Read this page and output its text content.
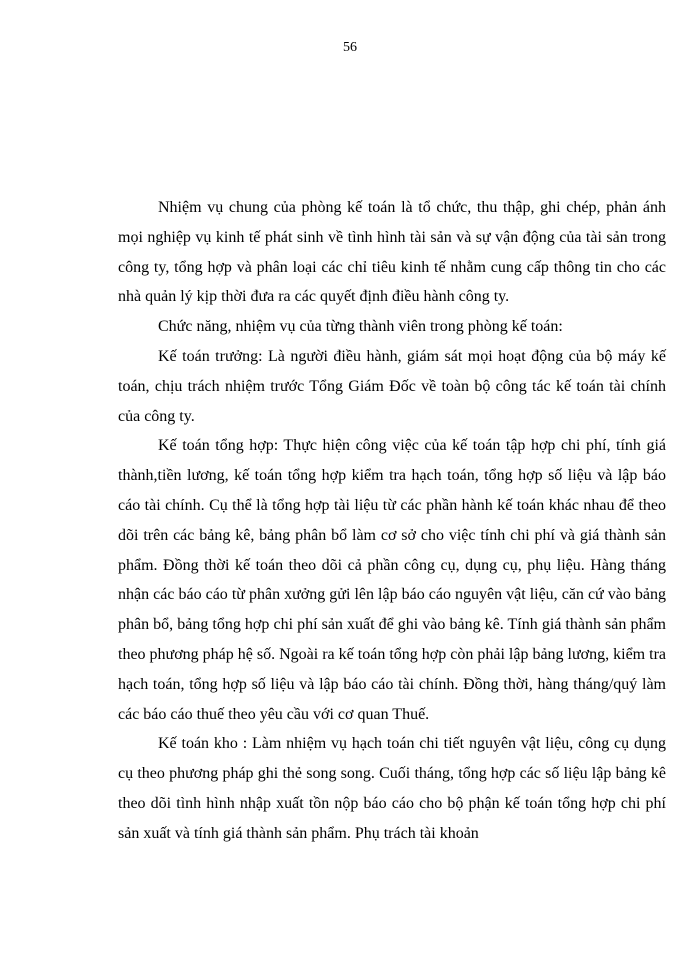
56

Nhiệm vụ chung của phòng kế toán là tổ chức, thu thập, ghi chép, phản ánh mọi nghiệp vụ kinh tế phát sinh về tình hình tài sản và sự vận động của tài sản trong công ty, tổng hợp và phân loại các chỉ tiêu kinh tế nhằm cung cấp thông tin cho các nhà quản lý kịp thời đưa ra các quyết định điều hành công ty.

Chức năng, nhiệm vụ của từng thành viên trong phòng kế toán:

Kế toán trưởng: Là người điều hành, giám sát mọi hoạt động của bộ máy kế toán, chịu trách nhiệm trước Tổng Giám Đốc về toàn bộ công tác kế toán tài chính của công ty.

Kế toán tổng hợp: Thực hiện công việc của kế toán tập hợp chi phí, tính giá thành,tiền lương, kế toán tổng hợp kiểm tra hạch toán, tổng hợp số liệu và lập báo cáo tài chính. Cụ thể là tổng hợp tài liệu từ các phần hành kế toán khác nhau để theo dõi trên các bảng kê, bảng phân bổ làm cơ sở cho việc tính chi phí và giá thành sản phẩm. Đồng thời kế toán theo dõi cả phần công cụ, dụng cụ, phụ liệu. Hàng tháng nhận các báo cáo từ phân xưởng gửi lên lập báo cáo nguyên vật liệu, căn cứ vào bảng phân bổ, bảng tổng hợp chi phí sản xuất để ghi vào bảng kê. Tính giá thành sản phẩm theo phương pháp hệ số. Ngoài ra kế toán tổng hợp còn phải lập bảng lương, kiểm tra hạch toán, tổng hợp số liệu và lập báo cáo tài chính. Đồng thời, hàng tháng/quý làm các báo cáo thuế theo yêu cầu với cơ quan Thuế.

Kế toán kho : Làm nhiệm vụ hạch toán chi tiết nguyên vật liệu, công cụ dụng cụ theo phương pháp ghi thẻ song song. Cuối tháng, tổng hợp các số liệu lập bảng kê theo dõi tình hình nhập xuất tồn nộp báo cáo cho bộ phận kế toán tổng hợp chi phí sản xuất và tính giá thành sản phẩm. Phụ trách tài khoản
